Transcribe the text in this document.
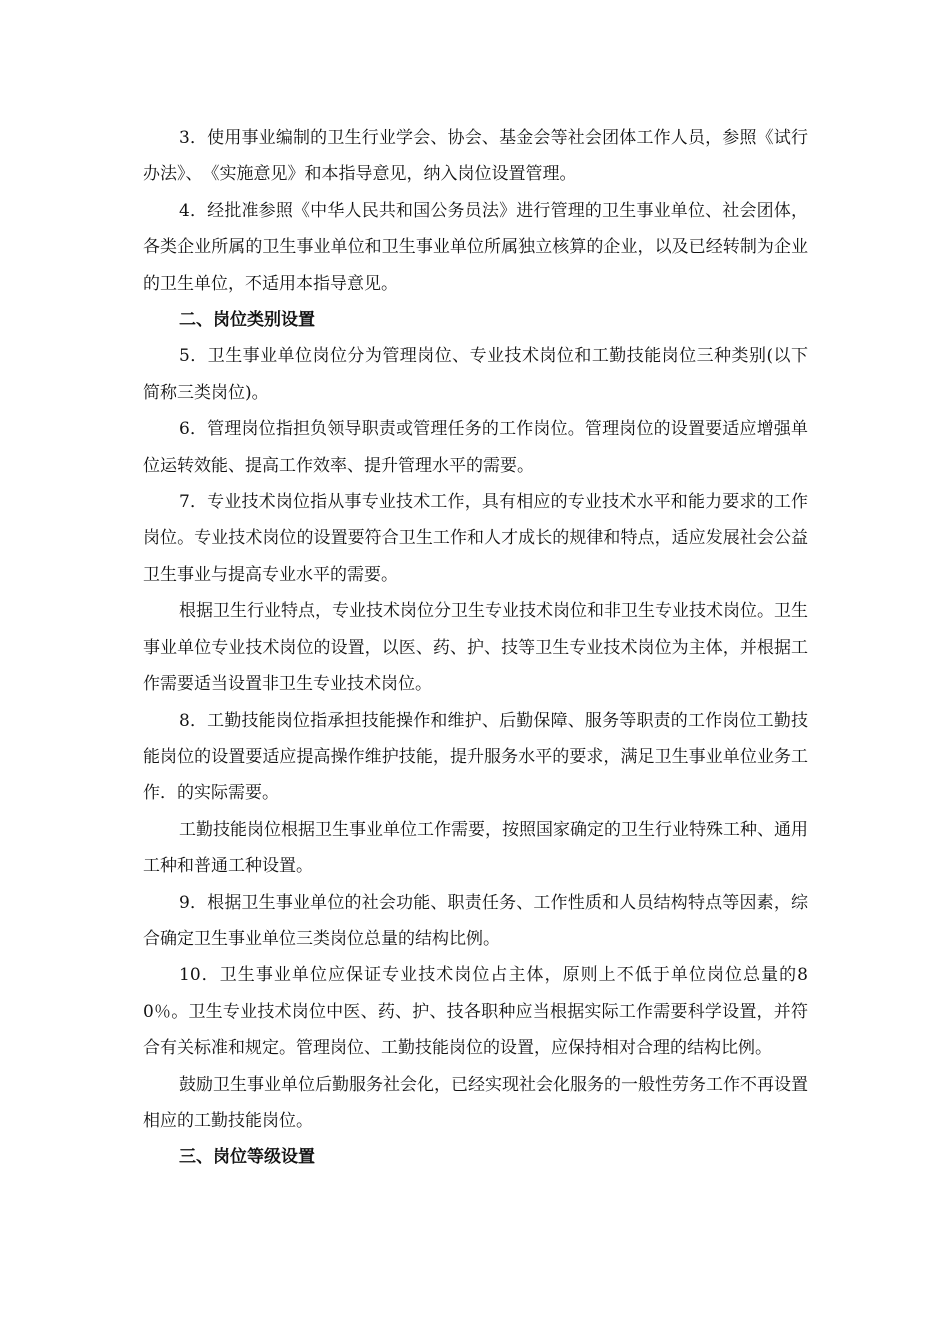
3．使用事业编制的卫生行业学会、协会、基金会等社会团体工作人员，参照《试行办法》、　《实施意见》和本指导意见，纳入岗位设置管理。

4．经批准参照《中华人民共和国公务员法》进行管理的卫生事业单位、社会团体，各类企业所属的卫生事业单位和卫生事业单位所属独立核算的企业，以及已经转制为企业的卫生单位，不适用本指导意见。

二、岗位类别设置

5．卫生事业单位岗位分为管理岗位、专业技术岗位和工勤技能岗位三种类别(以下简称三类岗位)。

6．管理岗位指担负领导职责或管理任务的工作岗位。管理岗位的设置要适应增强单位运转效能、提高工作效率、提升管理水平的需要。

7．专业技术岗位指从事专业技术工作，具有相应的专业技术水平和能力要求的工作岗位。专业技术岗位的设置要符合卫生工作和人才成长的规律和特点，适应发展社会公益卫生事业与提高专业水平的需要。

根据卫生行业特点，专业技术岗位分卫生专业技术岗位和非卫生专业技术岗位。卫生事业单位专业技术岗位的设置，以医、药、护、技等卫生专业技术岗位为主体，并根据工作需要适当设置非卫生专业技术岗位。

8．工勤技能岗位指承担技能操作和维护、后勤保障、服务等职责的工作岗位工勤技能岗位的设置要适应提高操作维护技能，提升服务水平的要求，满足卫生事业单位业务工作．的实际需要。

工勤技能岗位根据卫生事业单位工作需要，按照国家确定的卫生行业特殊工种、通用工种和普通工种设置。

9．根据卫生事业单位的社会功能、职责任务、工作性质和人员结构特点等因素，综合确定卫生事业单位三类岗位总量的结构比例。

10．卫生事业单位应保证专业技术岗位占主体，原则上不低于单位岗位总量的80％。卫生专业技术岗位中医、药、护、技各职种应当根据实际工作需要科学设置，并符合有关标准和规定。管理岗位、工勤技能岗位的设置，应保持相对合理的结构比例。

鼓励卫生事业单位后勤服务社会化，已经实现社会化服务的一般性劳务工作不再设置相应的工勤技能岗位。

三、岗位等级设置
